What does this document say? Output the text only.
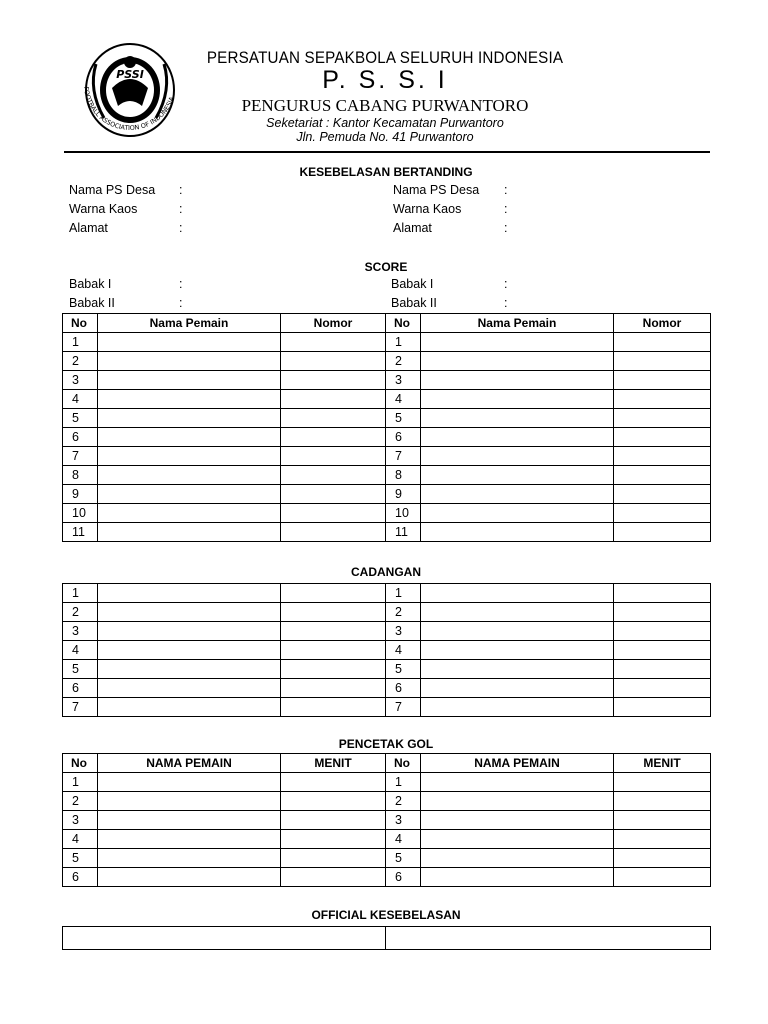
PSSI
FOOTBALL ASSOCIATION OF INDONESIA
PERSATUAN SEPAKBOLA SELURUH INDONESIA
P. S. S. I
PENGURUS CABANG PURWANTORO
Seketariat : Kantor Kecamatan Purwantoro
Jln. Pemuda No. 41 Purwantoro
KESEBELASAN BERTANDING
Nama PS Desa :	Nama PS Desa :
Warna Kaos	:	Warna Kaos	:
Alamat	:	Alamat	:
SCORE
Babak I	:	Babak I	:
Babak II	:	Babak II	:
No	Nama Pemain	Nomor	No	Nama Pemain	Nomor
1			1		
2			2		
3			3		
4			4		
5			5		
6			6		
7			7		
8			8		
9			9		
10			10		
11			11		
CADANGAN
1			1		
2			2		
3			3		
4			4		
5			5		
6			6		
7			7		
PENCETAK GOL
No	NAMA PEMAIN	MENIT	No	NAMA PEMAIN	MENIT
1			1		
2			2		
3			3		
4			4		
5			5		
6			6		
OFFICIAL KESEBELASAN
